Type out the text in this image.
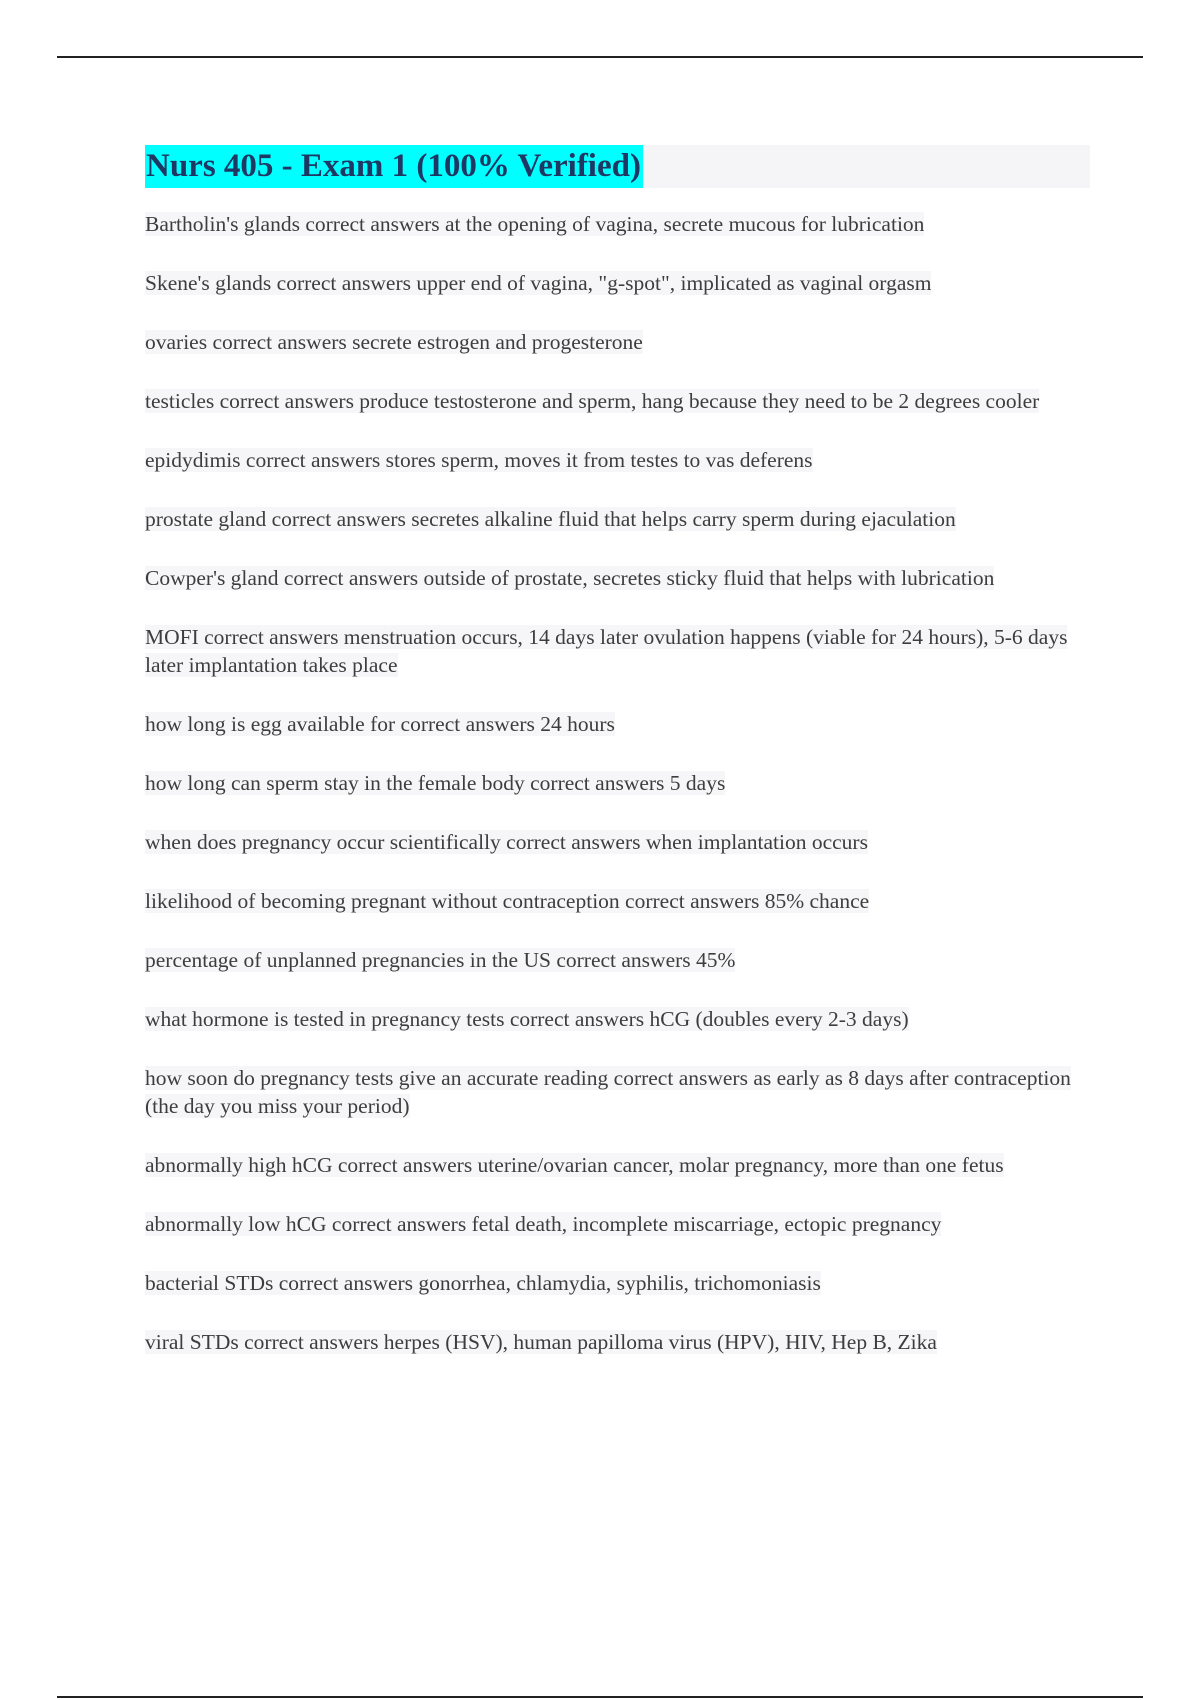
Nurs 405 - Exam 1 (100% Verified)

Bartholin's glands correct answers at the opening of vagina, secrete mucous for lubrication

Skene's glands correct answers upper end of vagina, "g-spot", implicated as vaginal orgasm

ovaries correct answers secrete estrogen and progesterone

testicles correct answers produce testosterone and sperm, hang because they need to be 2 degrees cooler

epidydimis correct answers stores sperm, moves it from testes to vas deferens

prostate gland correct answers secretes alkaline fluid that helps carry sperm during ejaculation

Cowper's gland correct answers outside of prostate, secretes sticky fluid that helps with lubrication

MOFI correct answers menstruation occurs, 14 days later ovulation happens (viable for 24 hours), 5-6 days later implantation takes place

how long is egg available for correct answers 24 hours

how long can sperm stay in the female body correct answers 5 days

when does pregnancy occur scientifically correct answers when implantation occurs

likelihood of becoming pregnant without contraception correct answers 85% chance

percentage of unplanned pregnancies in the US correct answers 45%

what hormone is tested in pregnancy tests correct answers hCG (doubles every 2-3 days)

how soon do pregnancy tests give an accurate reading correct answers as early as 8 days after contraception (the day you miss your period)

abnormally high hCG correct answers uterine/ovarian cancer, molar pregnancy, more than one fetus

abnormally low hCG correct answers fetal death, incomplete miscarriage, ectopic pregnancy

bacterial STDs correct answers gonorrhea, chlamydia, syphilis, trichomoniasis

viral STDs correct answers herpes (HSV), human papilloma virus (HPV), HIV, Hep B, Zika
